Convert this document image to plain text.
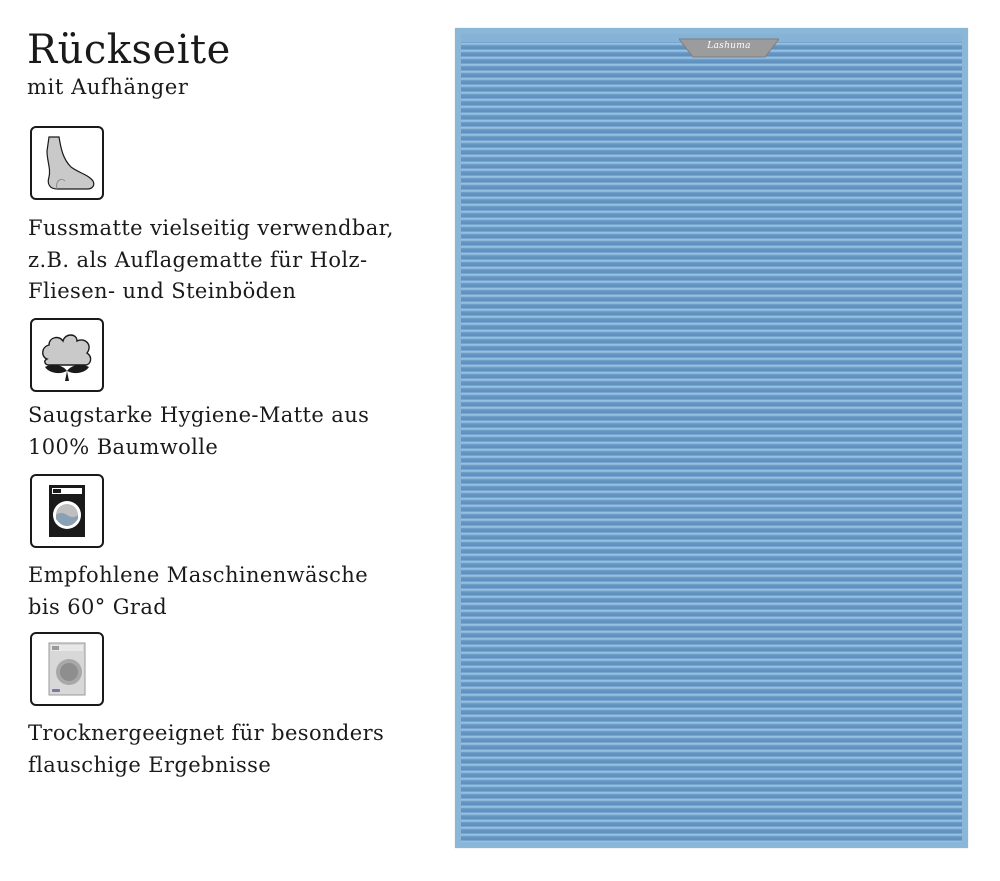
Rückseite
mit Aufhänger
Fussmatte vielseitig verwendbar,
z.B. als Auflagematte für Holz-
Fliesen- und Steinböden
Saugstarke Hygiene-Matte aus
100% Baumwolle
Empfohlene Maschinenwäsche
bis 60° Grad
Trocknergeeignet für besonders
flauschige Ergebnisse
Lashuma
